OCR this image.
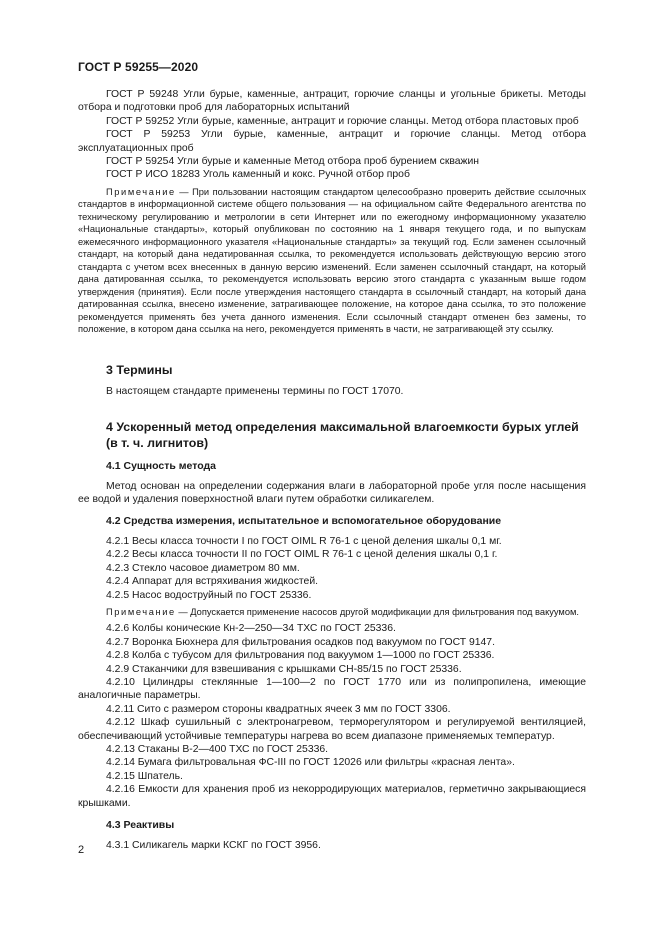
ГОСТ Р 59255—2020

ГОСТ Р 59248 Угли бурые, каменные, антрацит, горючие сланцы и угольные брикеты. Методы отбора и подготовки проб для лабораторных испытаний

ГОСТ Р 59252 Угли бурые, каменные, антрацит и горючие сланцы. Метод отбора пластовых проб

ГОСТ Р 59253 Угли бурые, каменные, антрацит и горючие сланцы. Метод отбора эксплуатационных проб

ГОСТ Р 59254 Угли бурые и каменные Метод отбора проб бурением скважин

ГОСТ Р ИСО 18283 Уголь каменный и кокс. Ручной отбор проб

Примечание — При пользовании настоящим стандартом целесообразно проверить действие ссылочных стандартов в информационной системе общего пользования — на официальном сайте Федерального агентства по техническому регулированию и метрологии в сети Интернет или по ежегодному информационному указателю «Национальные стандарты», который опубликован по состоянию на 1 января текущего года, и по выпускам ежемесячного информационного указателя «Национальные стандарты» за текущий год. Если заменен ссылочный стандарт, на который дана недатированная ссылка, то рекомендуется использовать действующую версию этого стандарта с учетом всех внесенных в данную версию изменений. Если заменен ссылочный стандарт, на который дана датированная ссылка, то рекомендуется использовать версию этого стандарта с указанным выше годом утверждения (принятия). Если после утверждения настоящего стандарта в ссылочный стандарт, на который дана датированная ссылка, внесено изменение, затрагивающее положение, на которое дана ссылка, то это положение рекомендуется применять без учета данного изменения. Если ссылочный стандарт отменен без замены, то положение, в котором дана ссылка на него, рекомендуется применять в части, не затрагивающей эту ссылку.

3 Термины

В настоящем стандарте применены термины по ГОСТ 17070.

4 Ускоренный метод определения максимальной влагоемкости бурых углей (в т. ч. лигнитов)
4.1 Сущность метода

Метод основан на определении содержания влаги в лабораторной пробе угля после насыщения ее водой и удаления поверхностной влаги путем обработки силикагелем.

4.2 Средства измерения, испытательное и вспомогательное оборудование

4.2.1 Весы класса точности I по ГОСТ OIML R 76-1 с ценой деления шкалы 0,1 мг.

4.2.2 Весы класса точности II по ГОСТ OIML R 76-1 с ценой деления шкалы 0,1 г.

4.2.3 Стекло часовое диаметром 80 мм.

4.2.4 Аппарат для встряхивания жидкостей.

4.2.5 Насос водоструйный по ГОСТ 25336.

Примечание — Допускается применение насосов другой модификации для фильтрования под вакуумом.

4.2.6 Колбы конические Кн-2—250—34 ТХС по ГОСТ 25336.

4.2.7 Воронка Бюхнера для фильтрования осадков под вакуумом по ГОСТ 9147.

4.2.8 Колба с тубусом для фильтрования под вакуумом 1—1000 по ГОСТ 25336.

4.2.9 Стаканчики для взвешивания с крышками СН-85/15 по ГОСТ 25336.

4.2.10 Цилиндры стеклянные 1—100—2 по ГОСТ 1770 или из полипропилена, имеющие аналогичные параметры.

4.2.11 Сито с размером стороны квадратных ячеек 3 мм по ГОСТ 3306.

4.2.12 Шкаф сушильный с электронагревом, терморегулятором и регулируемой вентиляцией, обеспечивающий устойчивые температуры нагрева во всем диапазоне применяемых температур.

4.2.13 Стаканы В-2—400 ТХС по ГОСТ 25336.

4.2.14 Бумага фильтровальная ФС-III по ГОСТ 12026 или фильтры «красная лента».

4.2.15 Шпатель.

4.2.16 Емкости для хранения проб из некорродирующих материалов, герметично закрывающиеся крышками.

4.3 Реактивы

4.3.1 Силикагель марки КСКГ по ГОСТ 3956.

2
